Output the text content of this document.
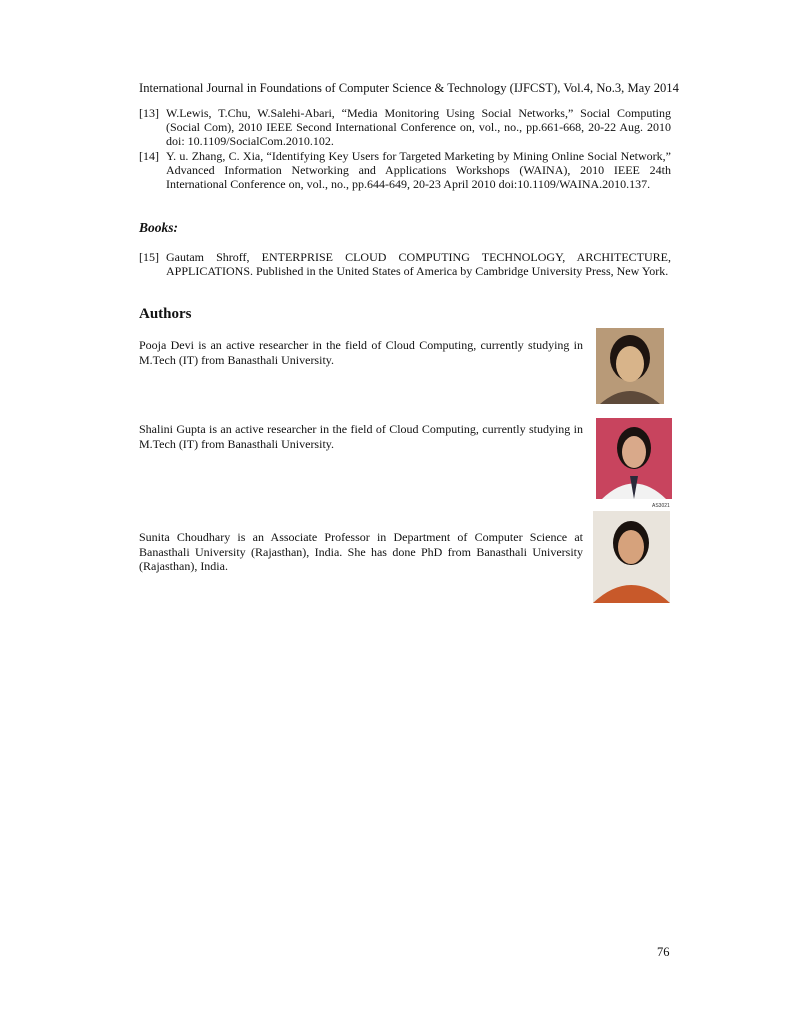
International Journal in Foundations of Computer Science & Technology (IJFCST), Vol.4, No.3, May 2014
[13] W.Lewis, T.Chu, W.Salehi-Abari, “Media Monitoring Using Social Networks,” Social Computing (Social Com), 2010 IEEE Second International Conference on, vol., no., pp.661-668, 20-22 Aug. 2010 doi: 10.1109/SocialCom.2010.102.
[14] Y. u. Zhang, C. Xia, “Identifying Key Users for Targeted Marketing by Mining Online Social Network,” Advanced Information Networking and Applications Workshops (WAINA), 2010 IEEE 24th International Conference on, vol., no., pp.644-649, 20-23 April 2010 doi:10.1109/WAINA.2010.137.
Books:
[15] Gautam Shroff, ENTERPRISE CLOUD COMPUTING TECHNOLOGY, ARCHITECTURE, APPLICATIONS. Published in the United States of America by Cambridge University Press, New York.
Authors
Pooja Devi is an active researcher in the field of Cloud Computing, currently studying in M.Tech (IT) from Banasthali University.
Shalini Gupta is an active researcher in the field of Cloud Computing, currently studying in M.Tech (IT) from Banasthali University.
AS3021
Sunita Choudhary is an Associate Professor in Department of Computer Science at Banasthali University (Rajasthan), India. She has done PhD from Banasthali University (Rajasthan), India.
76
